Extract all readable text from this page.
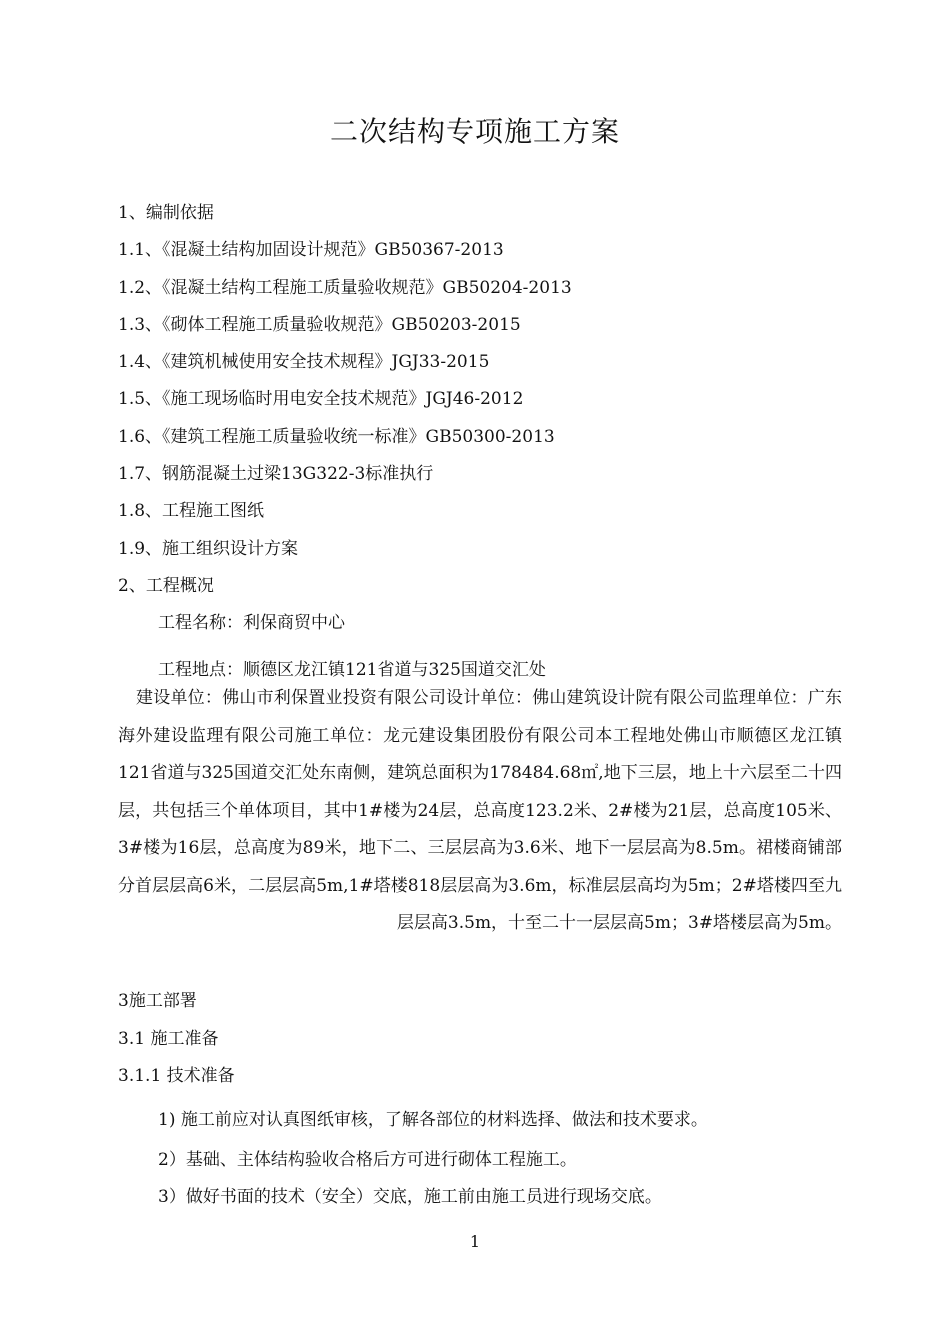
二次结构专项施工方案
1、编制依据
1.1、《混凝土结构加固设计规范》GB50367-2013
1.2、《混凝土结构工程施工质量验收规范》GB50204-2013
1.3、《砌体工程施工质量验收规范》GB50203-2015
1.4、《建筑机械使用安全技术规程》JGJ33-2015
1.5、《施工现场临时用电安全技术规范》JGJ46-2012
1.6、《建筑工程施工质量验收统一标准》GB50300-2013
1.7、钢筋混凝土过梁13G322-3标准执行
1.8、工程施工图纸
1.9、施工组织设计方案
2、工程概况
工程名称：利保商贸中心
工程地点：顺德区龙江镇121省道与325国道交汇处
建设单位：佛山市利保置业投资有限公司设计单位：佛山建筑设计院有限公司监理单位：广东海外建设监理有限公司施工单位：龙元建设集团股份有限公司本工程地处佛山市顺德区龙江镇121省道与325国道交汇处东南侧，建筑总面积为178484.68㎡,地下三层，地上十六层至二十四层，共包括三个单体项目，其中1#楼为24层，总高度123.2米、2#楼为21层，总高度105米、3#楼为16层，总高度为89米，地下二、三层层高为3.6米、地下一层层高为8.5m。裙楼商铺部分首层层高6米，二层层高5m,1#塔楼818层层高为3.6m，标准层层高均为5m；2#塔楼四至九层层高3.5m，十至二十一层层高5m；3#塔楼层高为5m。
3施工部署
3.1 施工准备
3.1.1 技术准备
1) 施工前应对认真图纸审核，了解各部位的材料选择、做法和技术要求。
2）基础、主体结构验收合格后方可进行砌体工程施工。
3）做好书面的技术（安全）交底，施工前由施工员进行现场交底。
1
